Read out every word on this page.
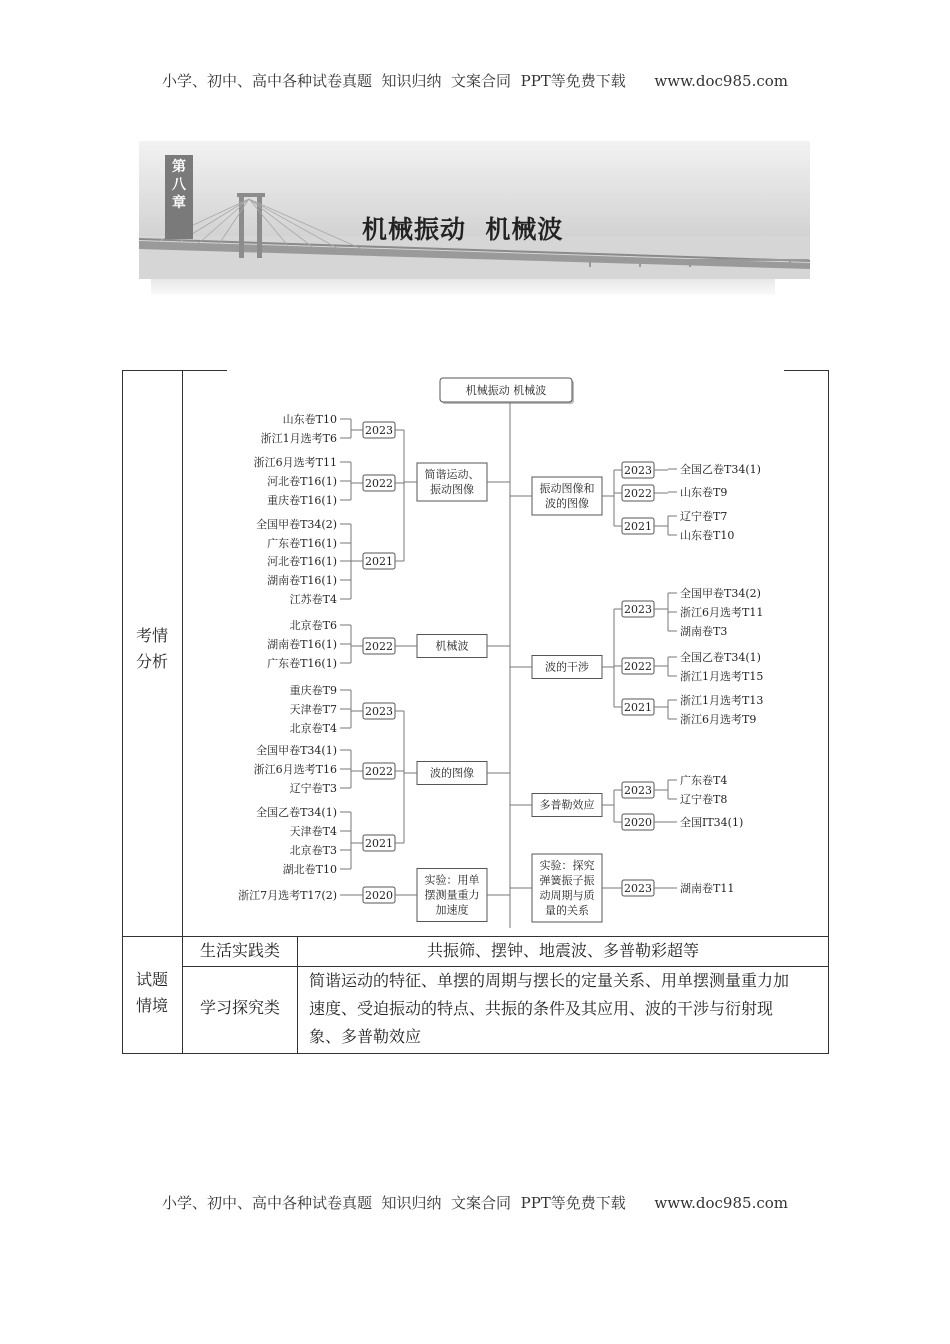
小学、初中、高中各种试卷真题  知识归纳  文案合同  PPT等免费下载      www.doc985.com
第
八
章
机械振动  机械波
考情
分析
试题
情境
生活实践类	共振筛、摆钟、地震波、多普勒彩超等
学习探究类
简谐运动的特征、单摆的周期与摆长的定量关系、用单摆测量重力加
速度、受迫振动的特点、共振的条件及其应用、波的干涉与衍射现
象、多普勒效应
机械振动 机械波
简谐运动、
振动图像
2023
山东卷T10
浙江1月选考T6
2022
浙江6月选考T11
河北卷T16(1)
重庆卷T16(1)
2021
全国甲卷T34(2)
广东卷T16(1)
河北卷T16(1)
湖南卷T16(1)
江苏卷T4
机械波
2022
北京卷T6
湖南卷T16(1)
广东卷T16(1)
波的图像
2023
重庆卷T9
天津卷T7
北京卷T4
2022
全国甲卷T34(1)
浙江6月选考T16
辽宁卷T3
2021
全国乙卷T34(1)
天津卷T4
北京卷T3
湖北卷T10
实验：用单
摆测量重力
加速度
2020
浙江7月选考T17(2)
振动图像和
波的图像
2023	全国乙卷T34(1)
2022	山东卷T9
2021
辽宁卷T7
山东卷T10
波的干涉
2023
全国甲卷T34(2)
浙江6月选考T11
湖南卷T3
2022
全国乙卷T34(1)
浙江1月选考T15
2021
浙江1月选考T13
浙江6月选考T9
多普勒效应
2023
广东卷T4
辽宁卷T8
2020	全国ⅠT34(1)
实验：探究
弹簧振子振
动周期与质
量的关系
2023	湖南卷T11
小学、初中、高中各种试卷真题  知识归纳  文案合同  PPT等免费下载      www.doc985.com
